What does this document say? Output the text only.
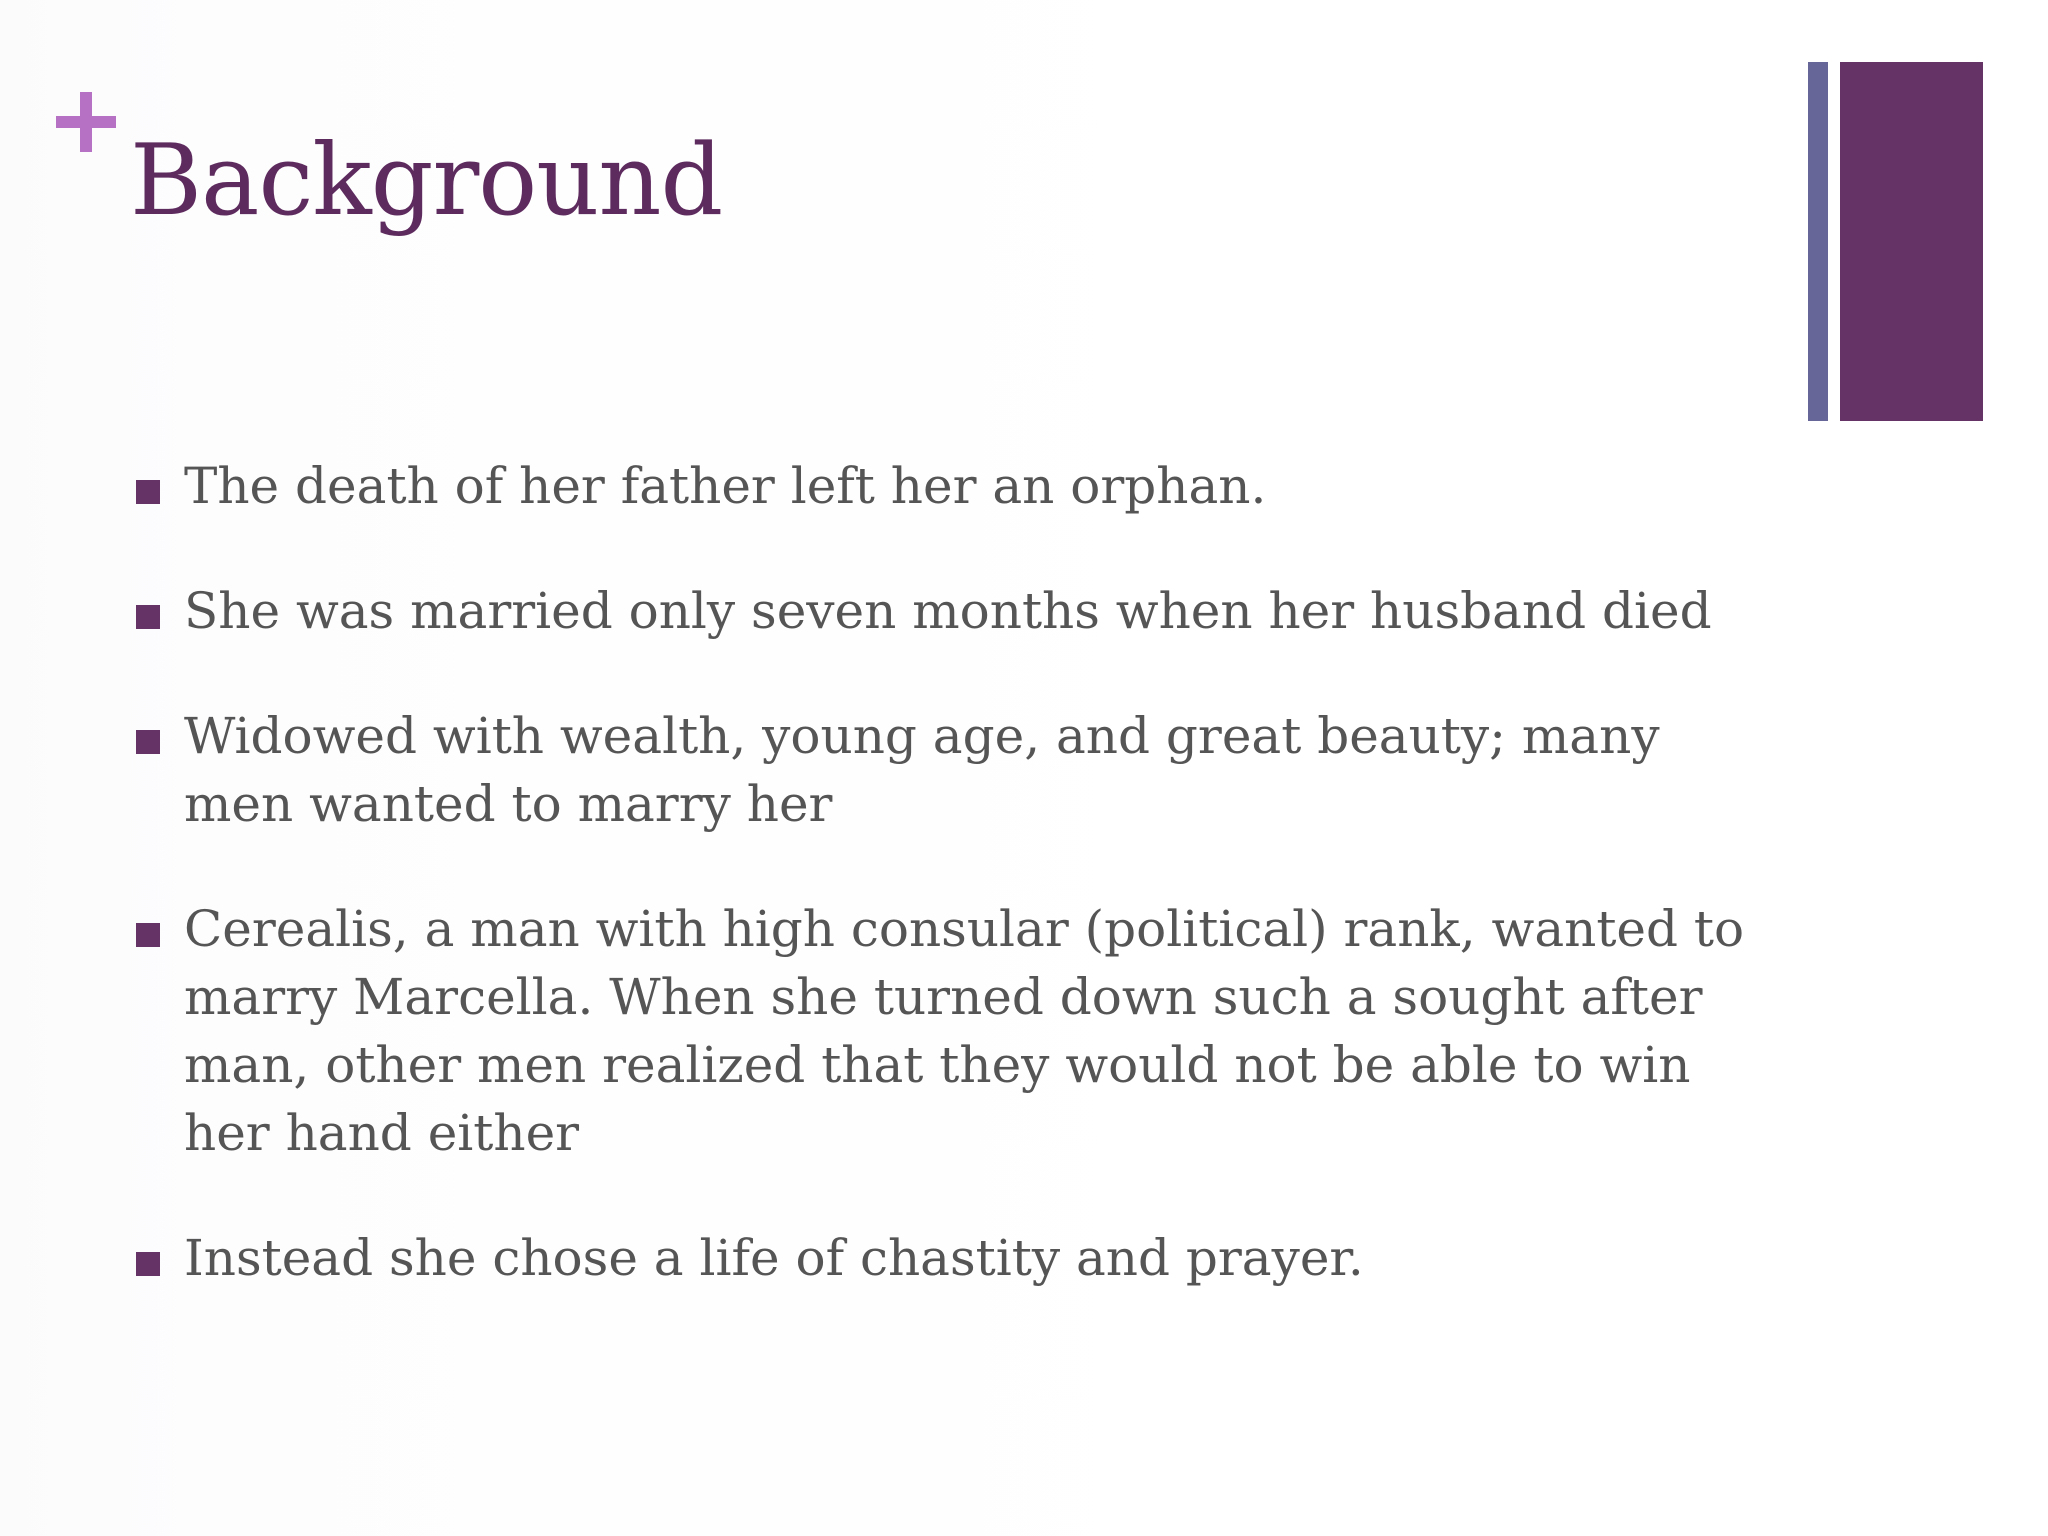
Background
The death of her father left her an orphan.
She was married only seven months when her husband died
Widowed with wealth, young age, and great beauty; many men wanted to marry her
Cerealis, a man with high consular (political) rank, wanted to marry Marcella. When she turned down such a sought after man, other men realized that they would not be able to win her hand either
Instead she chose a life of chastity and prayer.
